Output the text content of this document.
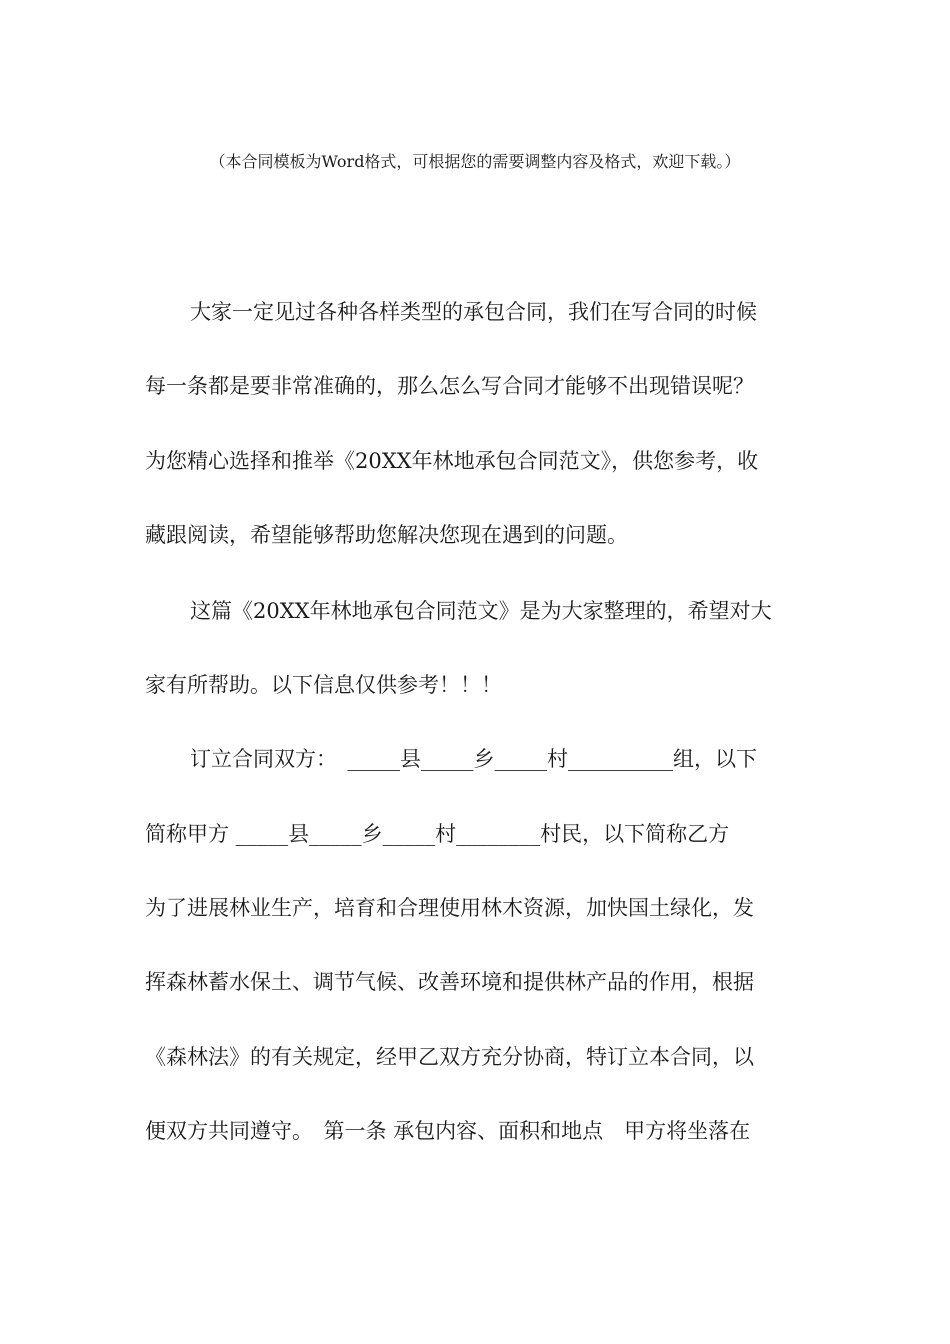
（本合同模板为Word格式，可根据您的需要调整内容及格式，欢迎下载。）
大家一定见过各种各样类型的承包合同，我们在写合同的时候
每一条都是要非常准确的，那么怎么写合同才能够不出现错误呢？
为您精心选择和推举《20XX年林地承包合同范文》，供您参考，收
藏跟阅读，希望能够帮助您解决您现在遇到的问题。
这篇《20XX年林地承包合同范文》是为大家整理的，希望对大
家有所帮助。以下信息仅供参考！！！
订立合同双方：　_____县_____乡_____村__________组，以下
简称甲方 _____县_____乡_____村________村民，以下简称乙方
为了进展林业生产，培育和合理使用林木资源，加快国土绿化，发
挥森林蓄水保土、调节气候、改善环境和提供林产品的作用，根据
《森林法》的有关规定，经甲乙双方充分协商，特订立本合同，以
便双方共同遵守。　第一条 承包内容、面积和地点　甲方将坐落在
